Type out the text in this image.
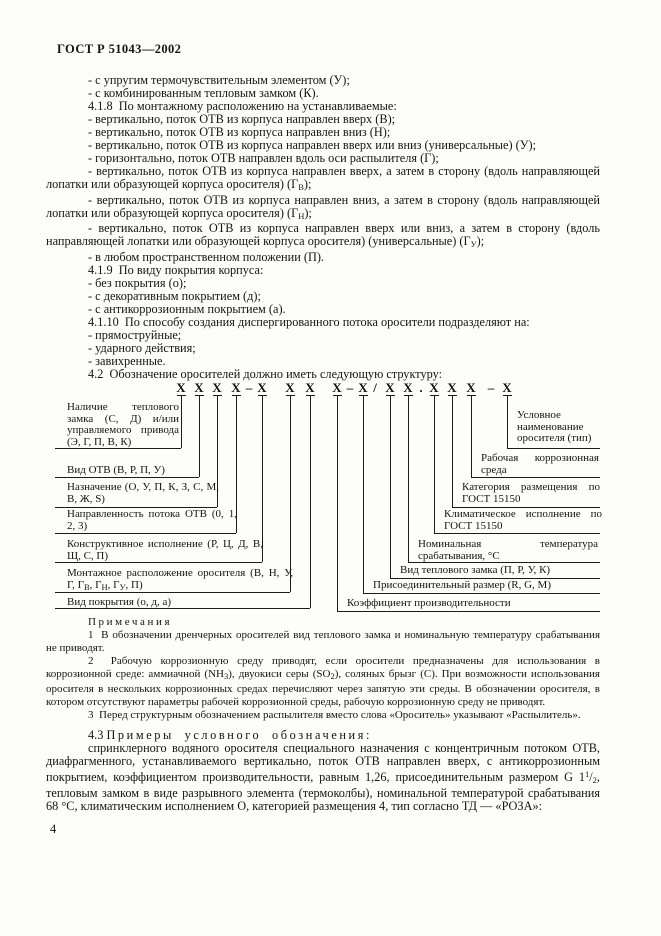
ГОСТ Р 51043—2002
- с упругим термочувствительным элементом (У);
- с комбинированным тепловым замком (К).
4.1.8  По монтажному расположению на устанавливаемые:
- вертикально, поток ОТВ из корпуса направлен вверх (В);
- вертикально, поток ОТВ из корпуса направлен вниз (Н);
- вертикально, поток ОТВ из корпуса направлен вверх или вниз (универсальные) (У);
- горизонтально, поток ОТВ направлен вдоль оси распылителя (Г);
- вертикально, поток ОТВ из корпуса направлен вверх, а затем в сторону (вдоль направляющей
лопатки или образующей корпуса оросителя) (ГВ);
- вертикально, поток ОТВ из корпуса направлен вниз, а затем в сторону (вдоль направляющей
лопатки или образующей корпуса оросителя) (ГН);
- вертикально, поток ОТВ из корпуса направлен вверх или вниз, а затем в сторону (вдоль
направляющей лопатки или образующей корпуса оросителя) (универсальные) (ГУ);
- в любом пространственном положении (П).
4.1.9  По виду покрытия корпуса:
- без покрытия (о);
- с декоративным покрытием (д);
- с антикоррозионным покрытием (а).
4.1.10  По способу создания диспергированного потока оросители подразделяют на:
- прямоструйные;
- ударного действия;
- завихренные.
4.2  Обозначение оросителей должно иметь следующую структуру:
X X X X – X X X X – X / X X . X X X – X
Наличие теплового замка (С, Д) и/или управляемого привода (Э, Г, П, В, К)
Вид ОТВ (В, Р, П, У)
Назначение (О, У, П, К, З, С, М, В, Ж, S)
Направленность потока ОТВ (0, 1, 2, 3)
Конструктивное исполнение (Р, Ц, Д, В, Щ, С, П)
Монтажное расположение оросителя (В, Н, У, Г, ГВ, ГН, ГУ, П)
Вид покрытия (о, д, а)
Условное наименование оросителя (тип)
Рабочая коррозионная среда
Категория размещения по ГОСТ 15150
Климатическое исполнение по ГОСТ 15150
Номинальная температура срабатывания, °С
Вид теплового замка (П, Р, У, К)
Присоединительный размер (R, G, М)
Коэффициент производительности
Примечания
1  В обозначении дренчерных оросителей вид теплового замка и номинальную температуру срабатывания не приводят.
2  Рабочую коррозионную среду приводят, если оросители предназначены для использования в коррозионной среде: аммиачной (NH3), двуокиси серы (SO2), соляных брызг (С). При возможности использования оросителя в нескольких коррозионных средах перечисляют через запятую эти среды. В обозначении оросителя, в котором отсутствуют параметры рабочей коррозионной среды, рабочую коррозионную среду не приводят.
3  Перед структурным обозначением распылителя вместо слова «Ороситель» указывают «Распылитель».
4.3 Примеры условного обозначения:
спринклерного водяного оросителя специального назначения с концентричным потоком ОТВ, диафрагменного, устанавливаемого вертикально, поток ОТВ направлен вверх, с антикоррозионным покрытием, коэффициентом производительности, равным 1,26, присоединительным размером G $1^1/2$, тепловым замком в виде разрывного элемента (термоколбы), номинальной температурой срабатывания 68 °С, климатическим исполнением О, категорией размещения 4, тип согласно ТД — «РОЗА»:
4
